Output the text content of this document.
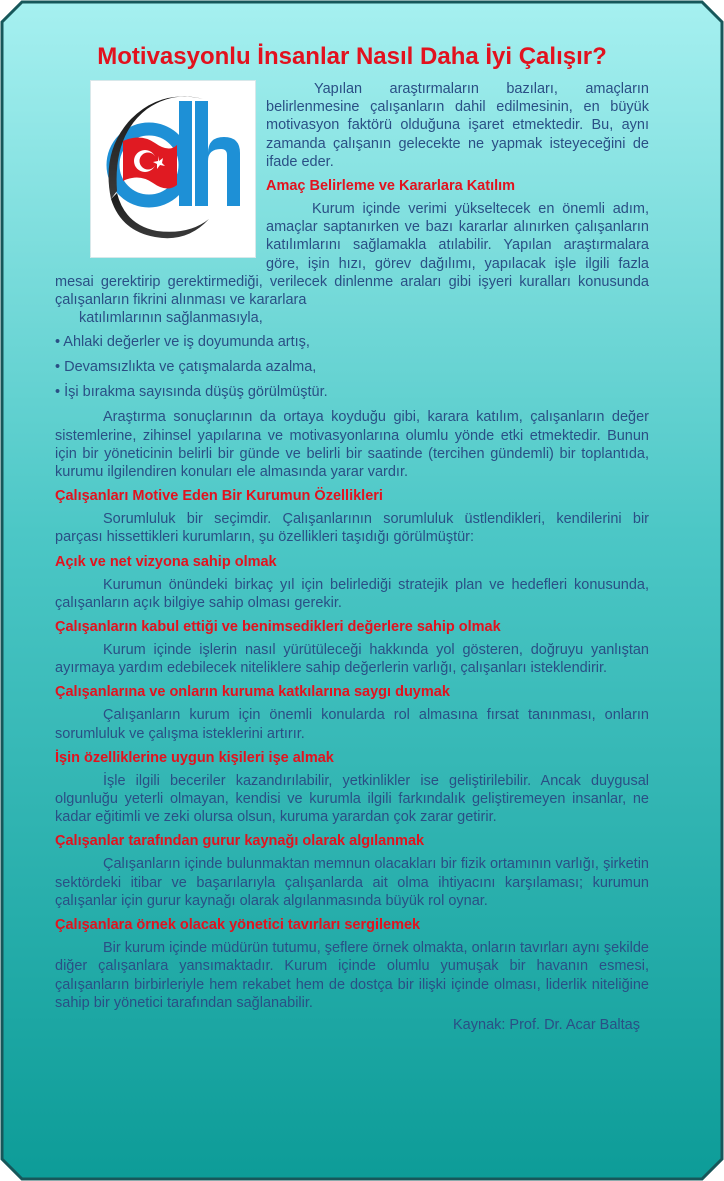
Motivasyonlu İnsanlar Nasıl Daha İyi Çalışır?

Yapılan araştırmaların bazıları, amaçların belirlenmesine çalışanların dahil edilmesinin, en büyük motivasyon faktörü olduğuna işaret etmektedir. Bu, aynı zamanda çalışanın gelecekte ne yapmak isteyeceğini de ifade eder.

Amaç Belirleme ve Kararlara Katılım

Kurum içinde verimi yükseltecek en önemli adım, amaçlar saptanırken ve bazı kararlar alınırken çalışanların katılımlarını sağlamakla atılabilir. Yapılan araştırmalara göre, işin hızı, görev dağılımı, yapılacak işle ilgili fazla mesai gerektirip gerektirmediği, verilecek dinlenme araları gibi işyeri kuralları konusunda çalışanların fikrini alınması ve kararlara

katılımlarının sağlanmasıyla,

• Ahlaki değerler ve iş doyumunda artış,
• Devamsızlıkta ve çatışmalarda azalma,
• İşi bırakma sayısında düşüş görülmüştür.

Araştırma sonuçlarının da ortaya koyduğu gibi, karara katılım, çalışanların değer sistemlerine, zihinsel yapılarına ve motivasyonlarına olumlu yönde etki etmektedir. Bunun için bir yöneticinin belirli bir günde ve belirli bir saatinde (tercihen gündemli) bir toplantıda, kurumu ilgilendiren konuları ele almasında yarar vardır.

Çalışanları Motive Eden Bir Kurumun Özellikleri

Sorumluluk bir seçimdir. Çalışanlarının sorumluluk üstlendikleri, kendilerini bir parçası hissettikleri kurumların, şu özellikleri taşıdığı görülmüştür:

Açık ve net vizyona sahip olmak

Kurumun önündeki birkaç yıl için belirlediği stratejik plan ve hedefleri konusunda, çalışanların açık bilgiye sahip olması gerekir.

Çalışanların kabul ettiği ve benimsedikleri değerlere sahip olmak

Kurum içinde işlerin nasıl yürütüleceği hakkında yol gösteren, doğruyu yanlıştan ayırmaya yardım edebilecek niteliklere sahip değerlerin varlığı, çalışanları isteklendirir.

Çalışanlarına ve onların kuruma katkılarına saygı duymak

Çalışanların kurum için önemli konularda rol almasına fırsat tanınması, onların sorumluluk ve çalışma isteklerini artırır.

İşin özelliklerine uygun kişileri işe almak

İşle ilgili beceriler kazandırılabilir, yetkinlikler ise geliştirilebilir. Ancak duygusal olgunluğu yeterli olmayan, kendisi ve kurumla ilgili farkındalık geliştiremeyen insanlar, ne kadar eğitimli ve zeki olursa olsun, kuruma yarardan çok zarar getirir.

Çalışanlar tarafından gurur kaynağı olarak algılanmak

Çalışanların içinde bulunmaktan memnun olacakları bir fizik ortamının varlığı, şirketin sektördeki itibar ve başarılarıyla çalışanlarda ait olma ihtiyacını karşılaması; kurumun çalışanlar için gurur kaynağı olarak algılanmasında büyük rol oynar.

Çalışanlara örnek olacak yönetici tavırları sergilemek

Bir kurum içinde müdürün tutumu, şeflere örnek olmakta, onların tavırları aynı şekilde diğer çalışanlara yansımaktadır. Kurum içinde olumlu yumuşak bir havanın esmesi, çalışanların birbirleriyle hem rekabet hem de dostça bir ilişki içinde olması, liderlik niteliğine sahip bir yönetici tarafından sağlanabilir.

Kaynak: Prof. Dr. Acar Baltaş
